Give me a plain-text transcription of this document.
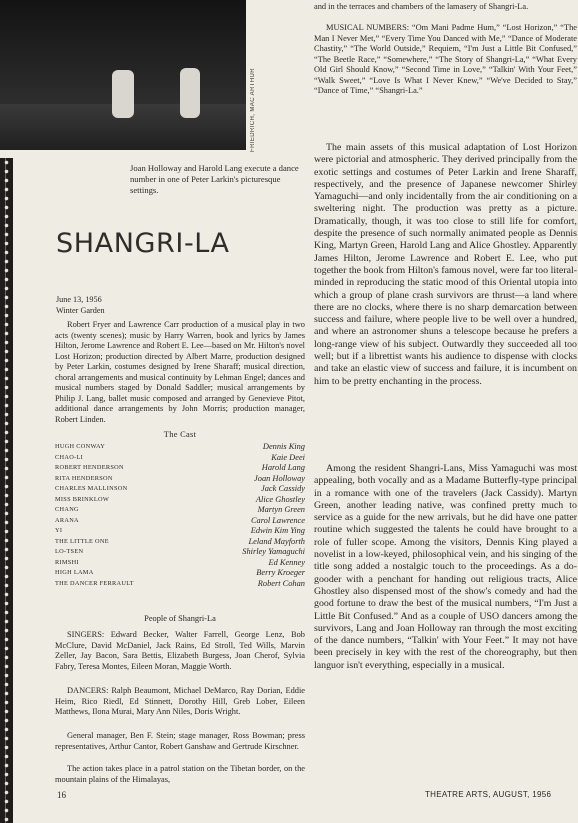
FRIEDRICH, MAC ARTHUR
Joan Holloway and Harold Lang execute a dance number in one of Peter Larkin's picturesque settings.
SHANGRI-LA
June 13, 1956
Winter Garden

Robert Fryer and Lawrence Carr production of a musical play in two acts (twenty scenes); music by Harry Warren, book and lyrics by James Hilton, Jerome Lawrence and Robert E. Lee—based on Mr. Hilton's novel Lost Horizon; production directed by Albert Marre, production designed by Peter Larkin, costumes designed by Irene Sharaff; musical direction, choral arrangements and musical continuity by Lehman Engel; dances and musical numbers staged by Donald Saddler; musical arrangements by Philip J. Lang, ballet music composed and arranged by Genevieve Pitot, additional dance arrangements by John Morris; production manager, Robert Linden.

The Cast
HUGH CONWAY	Dennis King
CHAO-LI	Kaie Deei
ROBERT HENDERSON	Harold Lang
RITA HENDERSON	Joan Holloway
CHARLES MALLINSON	Jack Cassidy
MISS BRINKLOW	Alice Ghostley
CHANG	Martyn Green
ARANA	Carol Lawrence
YI	Edwin Kim Ying
THE LITTLE ONE	Leland Mayforth
LO-TSEN	Shirley Yamaguchi
RIMSHI	Ed Kenney
HIGH LAMA	Berry Kroeger
THE DANCER FERRAULT	Robert Cohan
People of Shangri-La

SINGERS: Edward Becker, Walter Farrell, George Lenz, Bob McClure, David McDaniel, Jack Rains, Ed Stroll, Ted Wills, Marvin Zeller, Jay Bacon, Sara Bettis, Elizabeth Burgess, Joan Cherof, Sylvia Fabry, Teresa Montes, Eileen Moran, Maggie Worth.

DANCERS: Ralph Beaumont, Michael DeMarco, Ray Dorian, Eddie Heim, Rico Riedl, Ed Stinnett, Dorothy Hill, Greb Lober, Eileen Matthews, Ilona Murai, Mary Ann Niles, Doris Wright.

General manager, Ben F. Stein; stage manager, Ross Bowman; press representatives, Arthur Cantor, Robert Ganshaw and Gertrude Kirschner.

The action takes place in a patrol station on the Tibetan border, on the mountain plains of the Himalayas,

16

and in the terraces and chambers of the lamasery of Shangri-La.

MUSICAL NUMBERS: “Om Mani Padme Hum,” “Lost Horizon,” “The Man I Never Met,” “Every Time You Danced with Me,” “Dance of Moderate Chastity,” “The World Outside,” Requiem, “I'm Just a Little Bit Confused,” “The Beetle Race,” “Somewhere,” “The Story of Shangri-La,” “What Every Old Girl Should Know,” “Second Time in Love,” “Talkin' With Your Feet,” “Walk Sweet,” “Love Is What I Never Knew,” “We've Decided to Stay,” “Dance of Time,” “Shangri-La.”

The main assets of this musical adaptation of Lost Horizon were pictorial and atmospheric. They derived principally from the exotic settings and costumes of Peter Larkin and Irene Sharaff, respectively, and the presence of Japanese newcomer Shirley Yamaguchi—and only incidentally from the air conditioning on a sweltering night. The production was pretty as a picture. Dramatically, though, it was too close to still life for comfort, despite the presence of such normally animated people as Dennis King, Martyn Green, Harold Lang and Alice Ghostley. Apparently James Hilton, Jerome Lawrence and Robert E. Lee, who put together the book from Hilton's famous novel, were far too literal-minded in reproducing the static mood of this Oriental utopia into which a group of plane crash survivors are thrust—a land where there are no clocks, where there is no sharp demarcation between success and failure, where people live to be well over a hundred, and where an astronomer shuns a telescope because he prefers a long-range view of his subject. Outwardly they succeeded all too well; but if a librettist wants his audience to dispense with clocks and take an elastic view of success and failure, it is incumbent on him to be pretty enchanting in the process.

Among the resident Shangri-Lans, Miss Yamaguchi was most appealing, both vocally and as a Madame Butterfly-type principal in a romance with one of the travelers (Jack Cassidy). Martyn Green, another leading native, was confined pretty much to service as a guide for the new arrivals, but he did have one patter routine which suggested the talents he could have brought to a role of fuller scope. Among the visitors, Dennis King played a novelist in a low-keyed, philosophical vein, and his singing of the title song added a nostalgic touch to the proceedings. As a do-gooder with a penchant for handing out religious tracts, Alice Ghostley also dispensed most of the show's comedy and had the good fortune to draw the best of the musical numbers, “I'm Just a Little Bit Confused.” And as a couple of USO dancers among the survivors, Lang and Joan Holloway ran through the most exciting of the dance numbers, “Talkin' with Your Feet.” It may not have been precisely in key with the rest of the choreography, but then languor isn't everything, especially in a musical.

THEATRE ARTS, AUGUST, 1956
